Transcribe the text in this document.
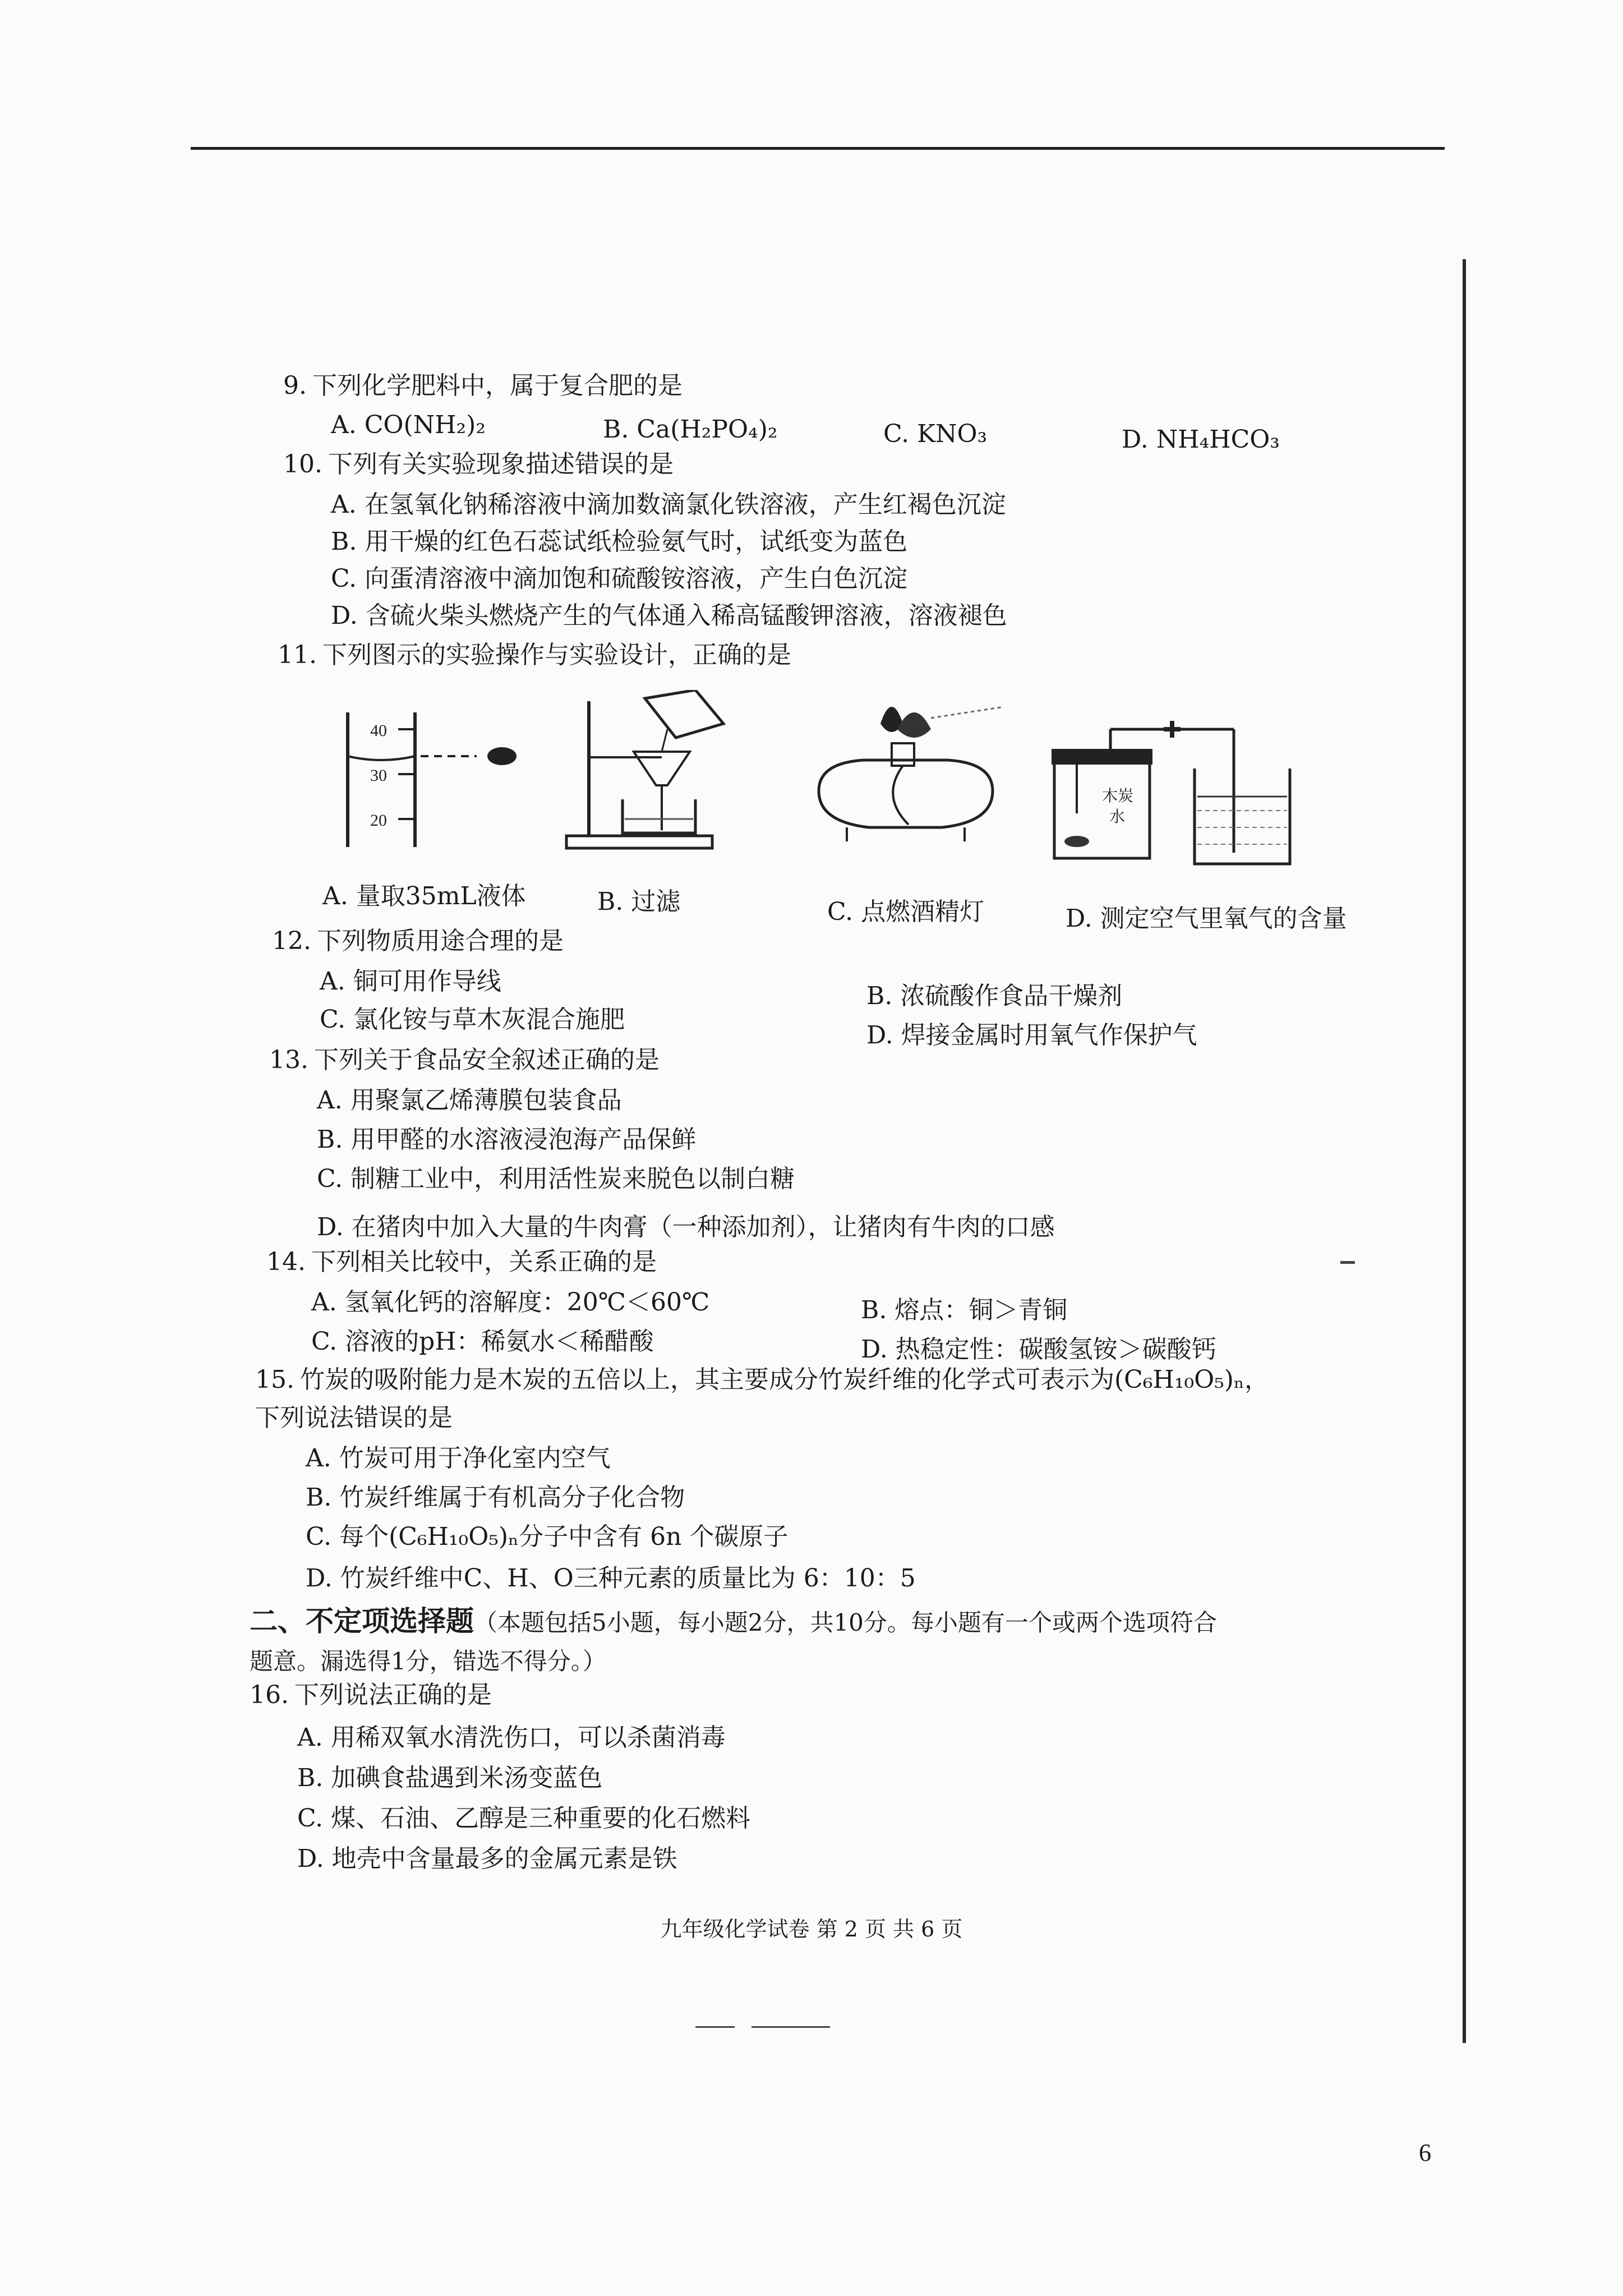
9. 下列化学肥料中，属于复合肥的是
A. CO(NH₂)₂	B. Ca(H₂PO₄)₂	C. KNO₃	D. NH₄HCO₃
10. 下列有关实验现象描述错误的是
A. 在氢氧化钠稀溶液中滴加数滴氯化铁溶液，产生红褐色沉淀
B. 用干燥的红色石蕊试纸检验氨气时，试纸变为蓝色
C. 向蛋清溶液中滴加饱和硫酸铵溶液，产生白色沉淀
D. 含硫火柴头燃烧产生的气体通入稀高锰酸钾溶液，溶液褪色
11. 下列图示的实验操作与实验设计，正确的是
40
30
20
木炭
水
A. 量取35mL液体	B. 过滤	C. 点燃酒精灯	D. 测定空气里氧气的含量
12. 下列物质用途合理的是
A. 铜可用作导线
B. 浓硫酸作食品干燥剂
C. 氯化铵与草木灰混合施肥
D. 焊接金属时用氧气作保护气
13. 下列关于食品安全叙述正确的是
A. 用聚氯乙烯薄膜包装食品
B. 用甲醛的水溶液浸泡海产品保鲜
C. 制糖工业中，利用活性炭来脱色以制白糖
D. 在猪肉中加入大量的牛肉膏（一种添加剂），让猪肉有牛肉的口感
14. 下列相关比较中，关系正确的是
A. 氢氧化钙的溶解度：20℃＜60℃	B. 熔点：铜＞青铜
C. 溶液的pH：稀氨水＜稀醋酸	D. 热稳定性：碳酸氢铵＞碳酸钙
15. 竹炭的吸附能力是木炭的五倍以上，其主要成分竹炭纤维的化学式可表示为(C₆H₁₀O₅)ₙ，
下列说法错误的是
A. 竹炭可用于净化室内空气
B. 竹炭纤维属于有机高分子化合物
C. 每个(C₆H₁₀O₅)ₙ分子中含有 6n 个碳原子
D. 竹炭纤维中C、H、O三种元素的质量比为 6：10：5
二、不定项选择题（本题包括5小题，每小题2分，共10分。每小题有一个或两个选项符合
题意。漏选得1分，错选不得分。）
16. 下列说法正确的是
A. 用稀双氧水清洗伤口，可以杀菌消毒
B. 加碘食盐遇到米汤变蓝色
C. 煤、石油、乙醇是三种重要的化石燃料
D. 地壳中含量最多的金属元素是铁
九年级化学试卷 第 2 页 共 6 页
6
